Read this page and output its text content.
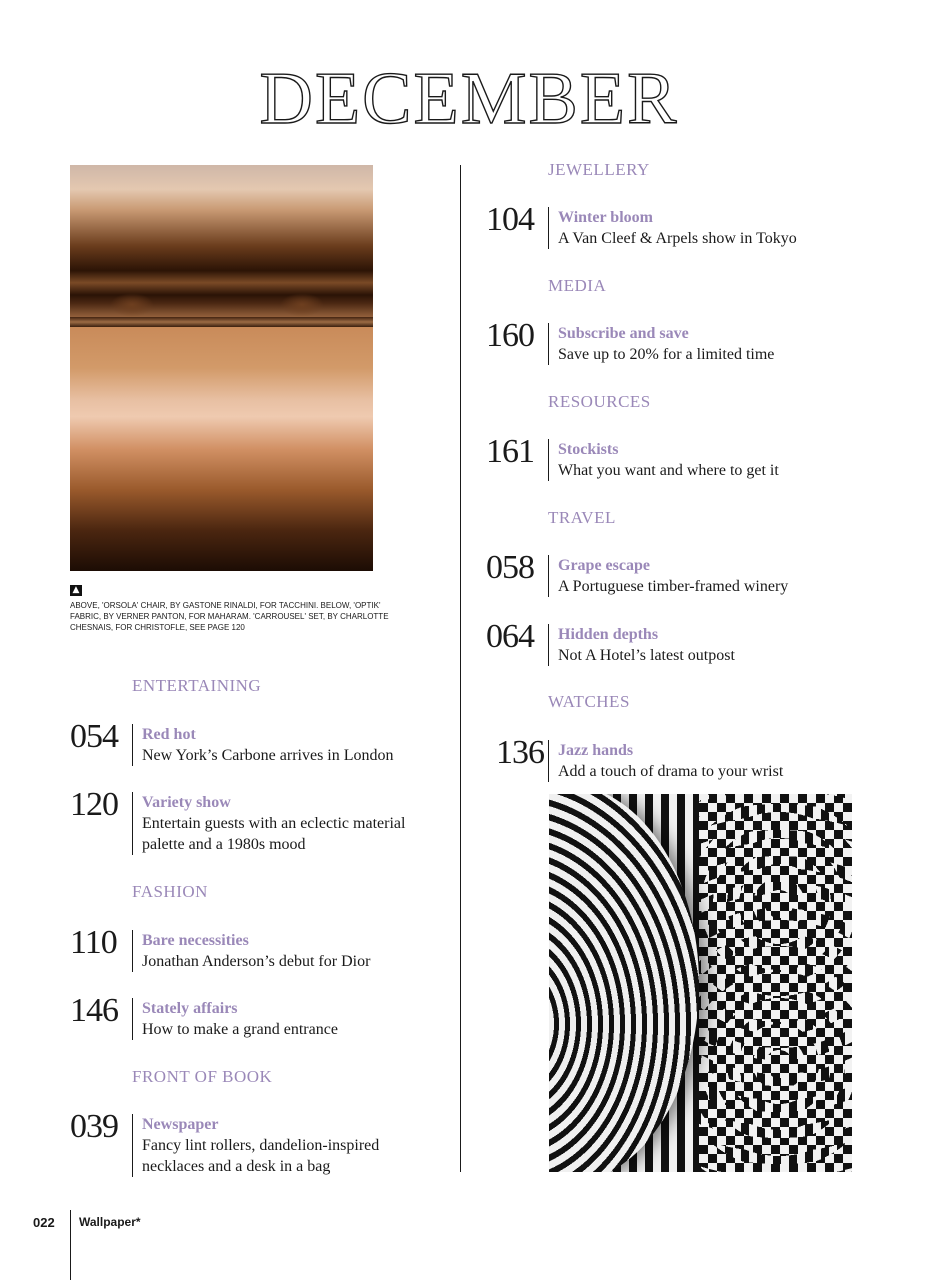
DECEMBER
▲
ABOVE, 'ORSOLA' CHAIR, BY GASTONE RINALDI, FOR TACCHINI. BELOW, 'OPTIK' FABRIC, BY VERNER PANTON, FOR MAHARAM. 'CARROUSEL' SET, BY CHARLOTTE CHESNAIS, FOR CHRISTOFLE, SEE PAGE 120
ENTERTAINING
054 Red hot
New York’s Carbone arrives in London
120 Variety show
Entertain guests with an eclectic material palette and a 1980s mood
FASHION
110 Bare necessities
Jonathan Anderson’s debut for Dior
146 Stately affairs
How to make a grand entrance
FRONT OF BOOK
039 Newspaper
Fancy lint rollers, dandelion-inspired necklaces and a desk in a bag
JEWELLERY
104 Winter bloom
A Van Cleef & Arpels show in Tokyo
MEDIA
160 Subscribe and save
Save up to 20% for a limited time
RESOURCES
161 Stockists
What you want and where to get it
TRAVEL
058 Grape escape
A Portuguese timber-framed winery
064 Hidden depths
Not A Hotel’s latest outpost
WATCHES
136 Jazz hands
Add a touch of drama to your wrist
022 Wallpaper*
